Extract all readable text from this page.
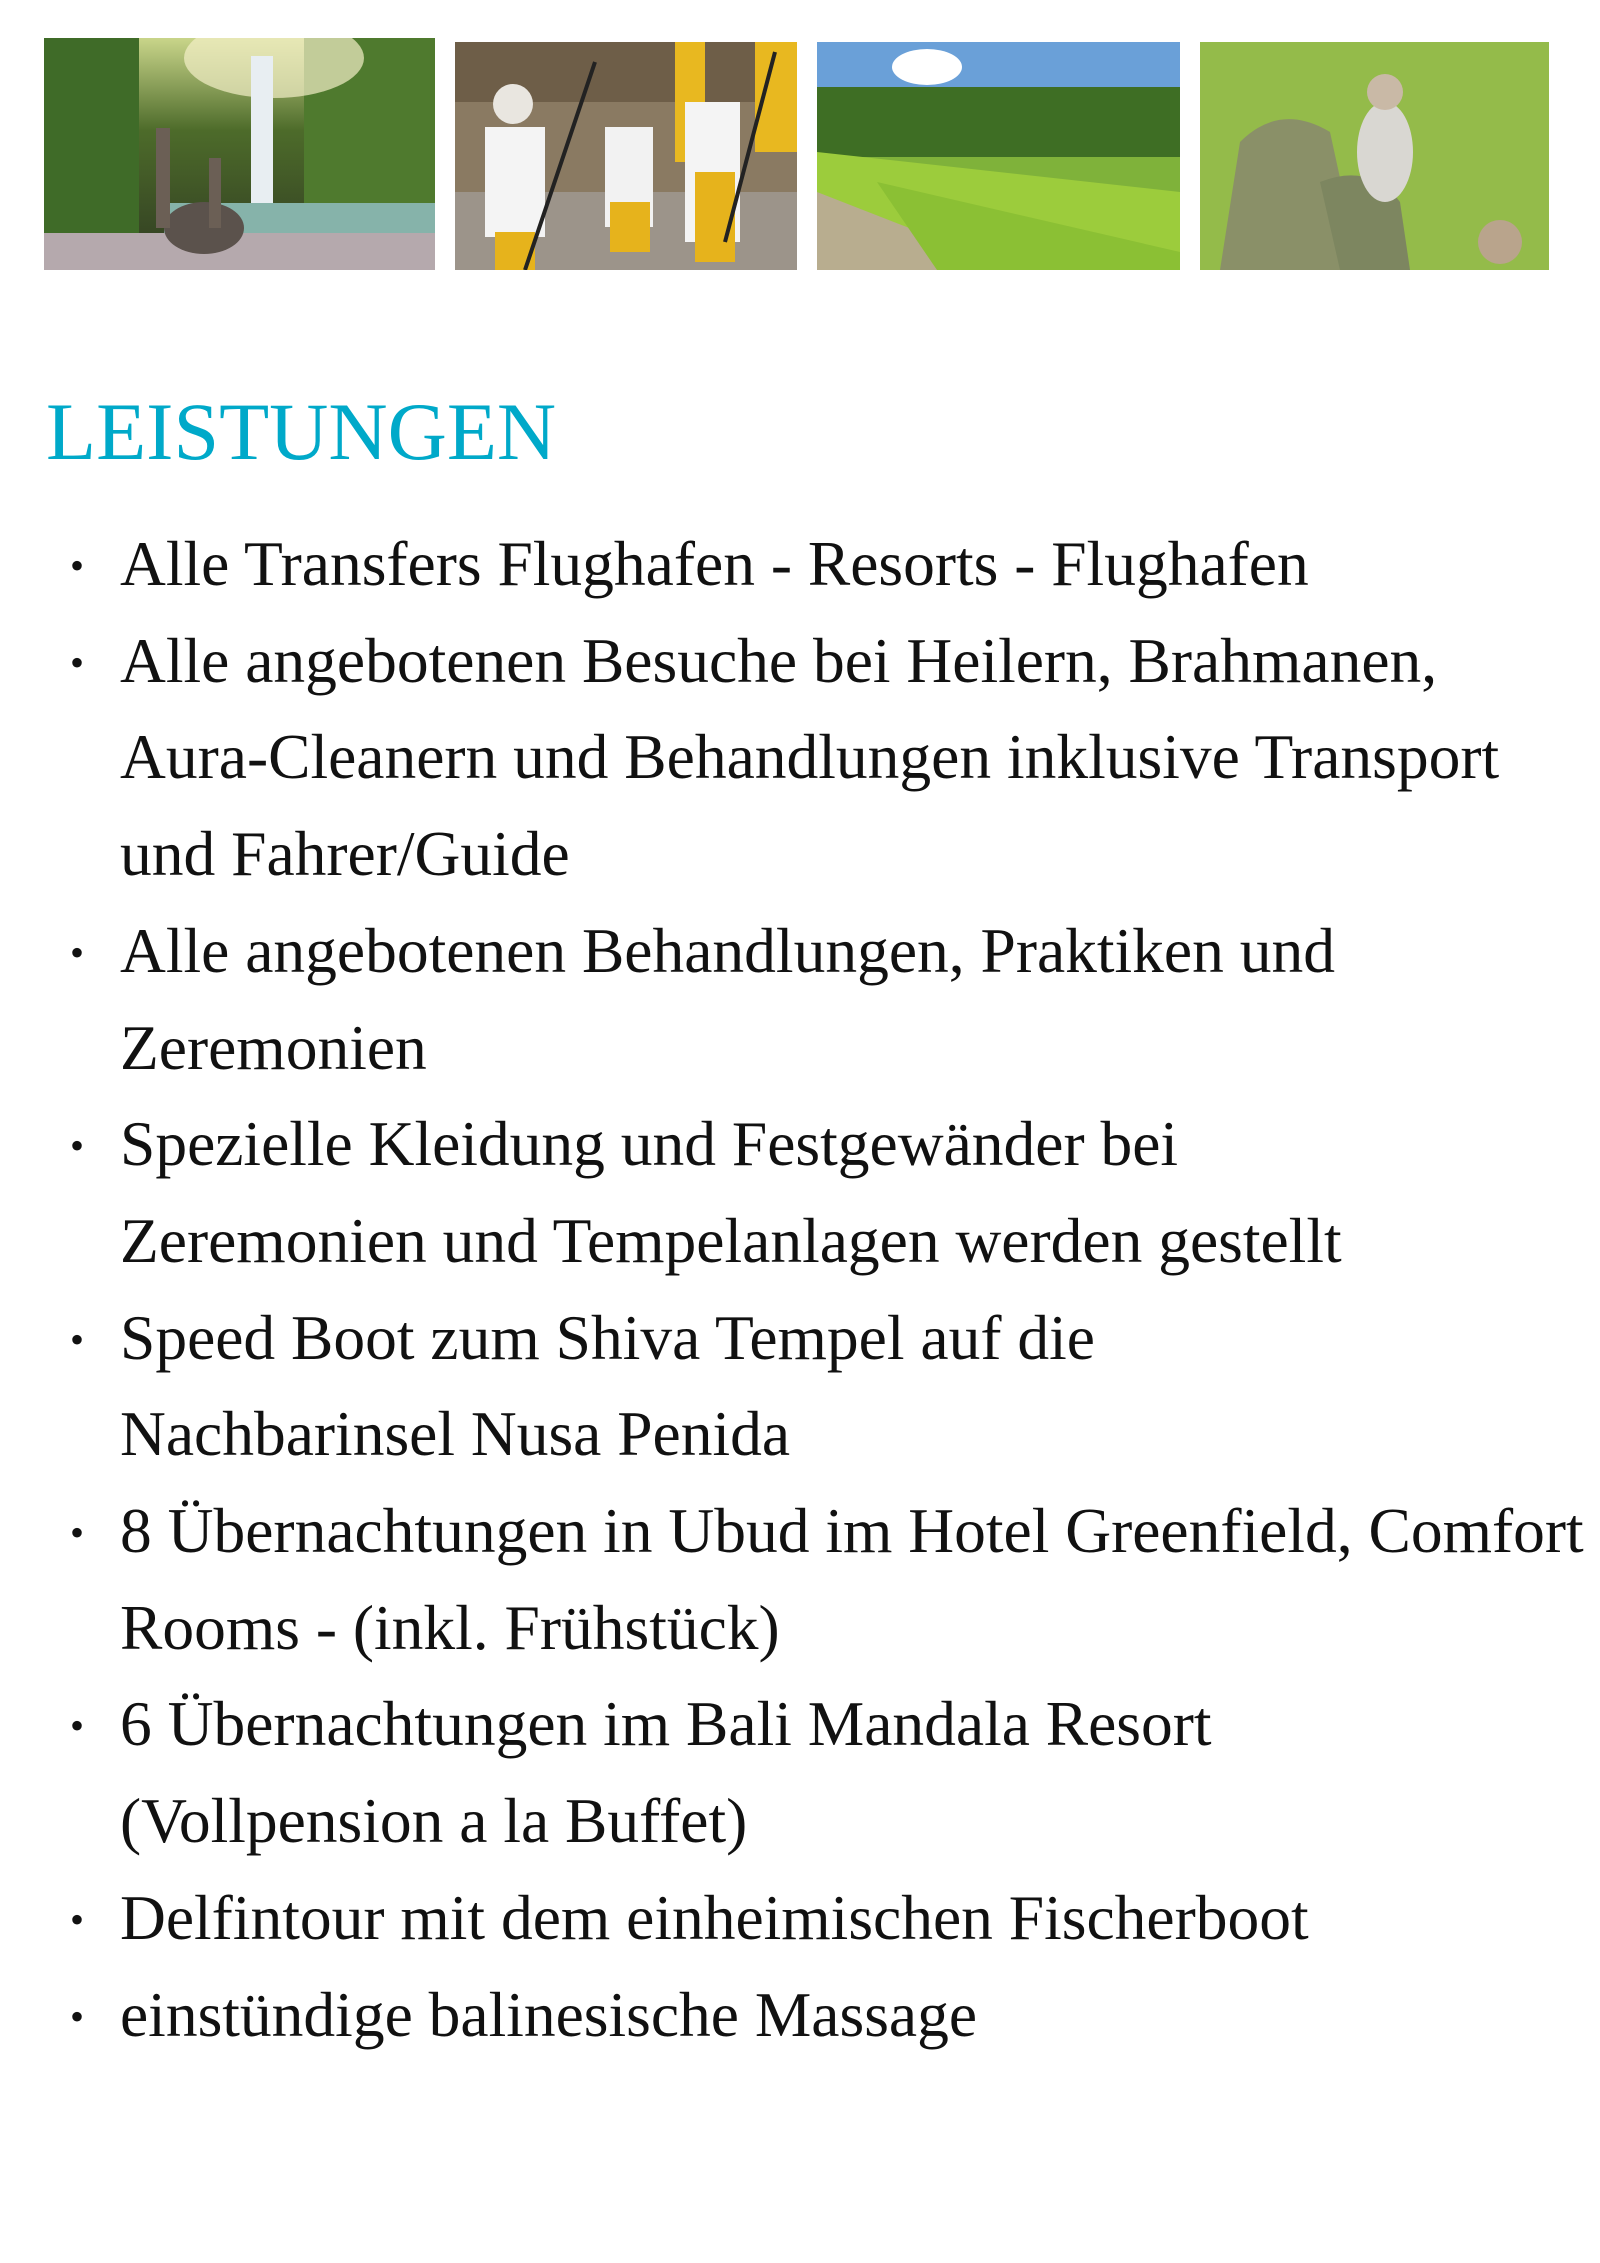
LEISTUNGEN
• Alle Transfers Flughafen - Resorts - Flughafen
• Alle angebotenen Besuche bei Heilern, Brahmanen, Aura-Cleanern und Behandlungen inklusive Transport und Fahrer/Guide
• Alle angebotenen Behandlungen, Praktiken und Zeremonien
• Spezielle Kleidung und Festgewänder bei Zeremonien und Tempelanlagen werden gestellt
• Speed Boot zum Shiva Tempel auf die Nachbarinsel Nusa Penida
• 8 Übernachtungen in Ubud im Hotel Greenfield, Comfort Rooms - (inkl. Frühstück)
• 6 Übernachtungen im Bali Mandala Resort (Vollpension a la Buffet)
• Delfintour mit dem einheimischen Fischerboot
• einstündige balinesische Massage
